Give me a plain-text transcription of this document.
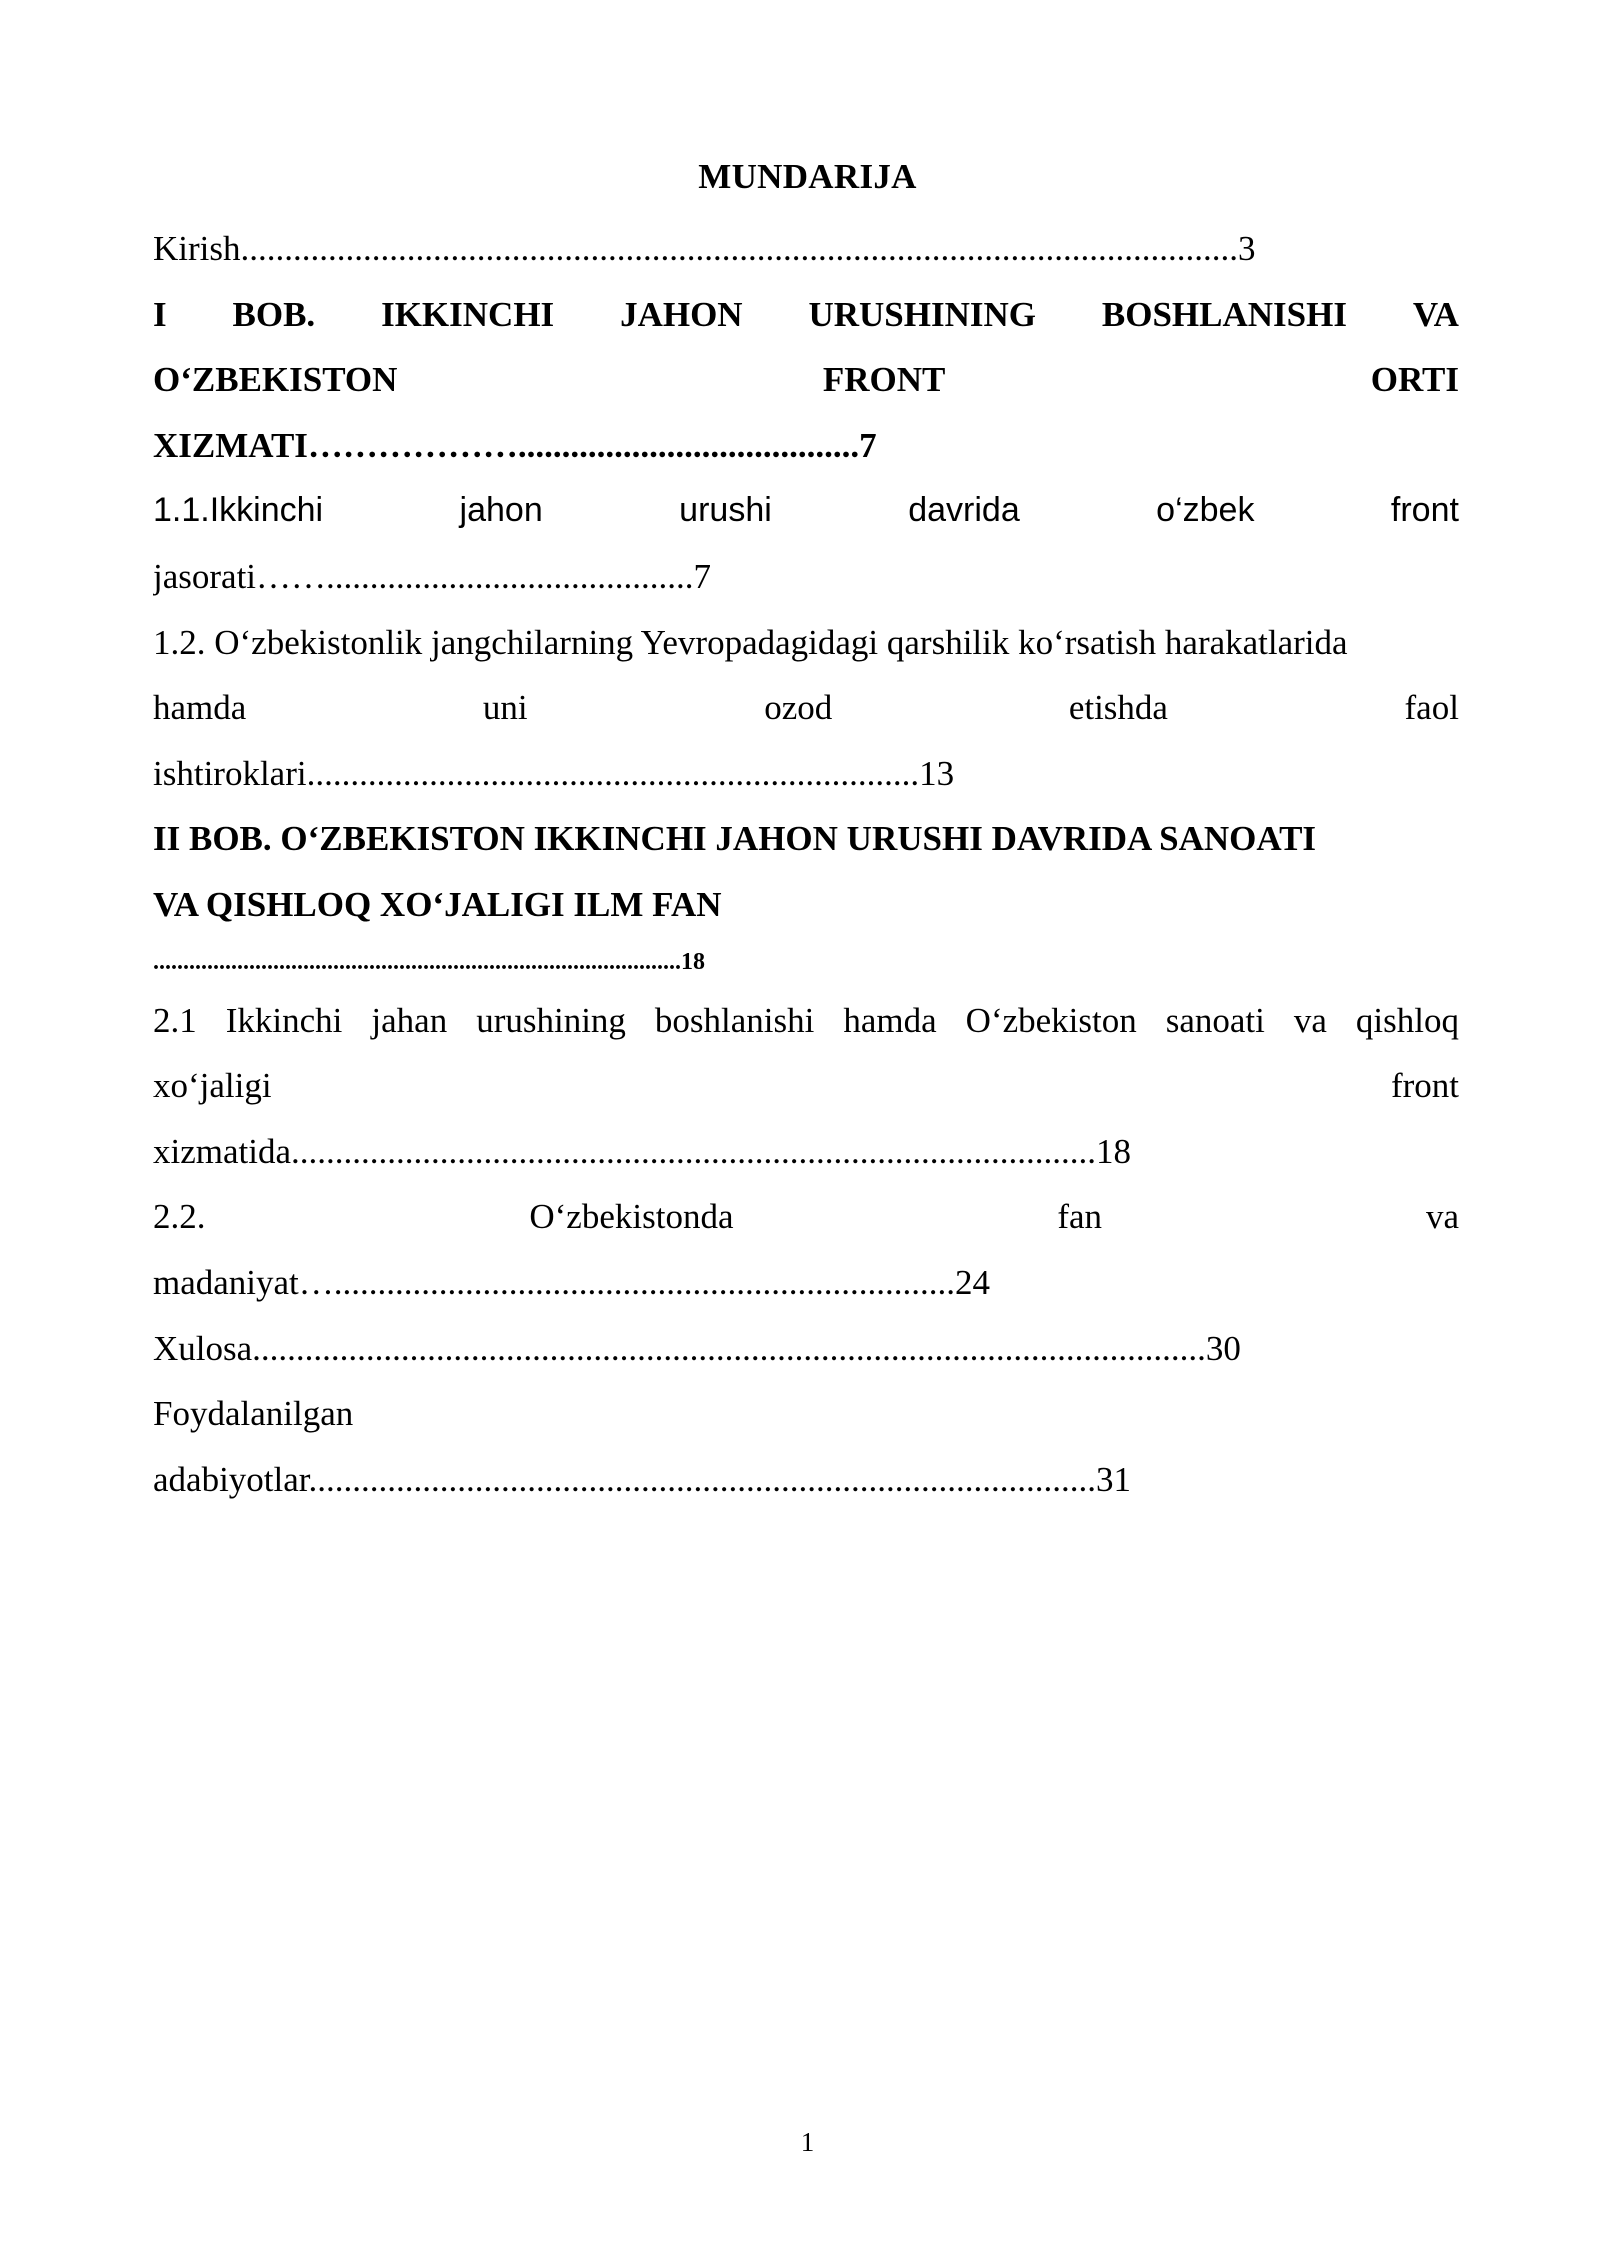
MUNDARIJA
Kirish..................................................................................................................3
I BOB. IKKINCHI JAHON URUSHINING BOSHLANISHI VA
O‘ZBEKISTON	FRONT	ORTI
XIZMATI……………….......................................7
1.1.Ikkinchi	jahon	urushi	davrida	o‘zbek	front
jasorati……..........................................7
1.2. O‘zbekistonlik jangchilarning Yevropadagidagi qarshilik ko‘rsatish harakatlarida
hamda	uni	ozod	etishda	faol
ishtiroklari......................................................................13
II BOB. O‘ZBEKISTON IKKINCHI JAHON URUSHI DAVRIDA SANOATI
VA QISHLOQ XO‘JALIGI ILM FAN
........................................................................................18
2.1 Ikkinchi jahan urushining boshlanishi hamda O‘zbekiston sanoati va qishloq
xo‘jaligi	front
xizmatida............................................................................................18
2.2.	O‘zbekistonda	fan	va
madaniyat….......................................................................24
Xulosa.............................................................................................................30
Foydalanilgan
adabiyotlar..........................................................................................31
1
